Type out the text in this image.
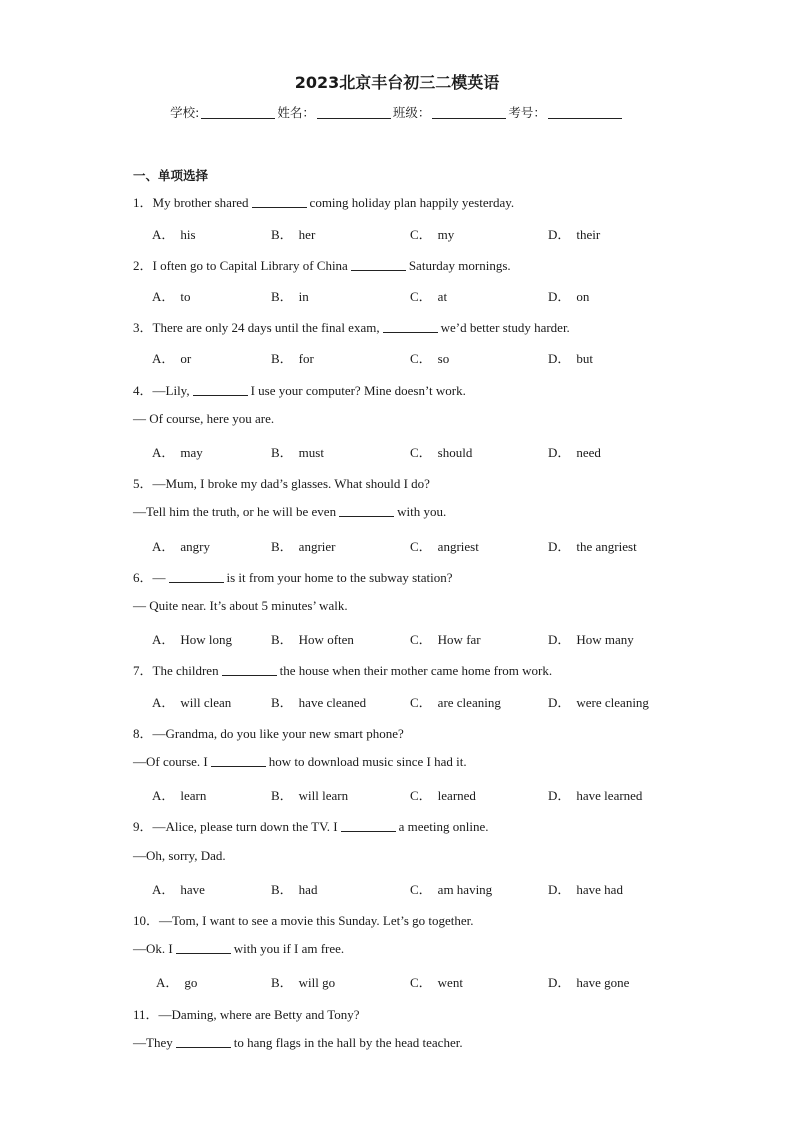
2023北京丰台初三二模英语
学校:	姓名：	班级：	考号：
一、单项选择
1．My brother shared	coming holiday plan happily yesterday.
A． his	B． her	C． my	D． their
2．I often go to Capital Library of China	Saturday mornings.
A． to	B． in	C． at	D． on
3．There are only 24 days until the final exam,	we’d better study harder.
A． or	B． for	C． so	D． but
4．—Lily,	I use your computer? Mine doesn’t work.
— Of course, here you are.
A． may	B． must	C． should	D． need
5．—Mum, I broke my dad’s glasses. What should I do?
—Tell him the truth, or he will be even	with you.
A． angry	B． angrier	C． angriest	D． the angriest
6．—	is it from your home to the subway station?
— Quite near. It’s about 5 minutes’ walk.
A． How long	B． How often	C． How far	D． How many
7．The children	the house when their mother came home from work.
A． will clean	B． have cleaned	C． are cleaning	D． were cleaning
8．—Grandma, do you like your new smart phone?
—Of course. I	how to download music since I had it.
A． learn	B． will learn	C． learned	D． have learned
9．—Alice, please turn down the TV. I	a meeting online.
—Oh, sorry, Dad.
A． have	B． had	C． am having	D． have had
10．—Tom, I want to see a movie this Sunday. Let’s go together.
—Ok. I	with you if I am free.
A． go	B． will go	C． went	D． have gone
11．—Daming, where are Betty and Tony?
—They	to hang flags in the hall by the head teacher.
